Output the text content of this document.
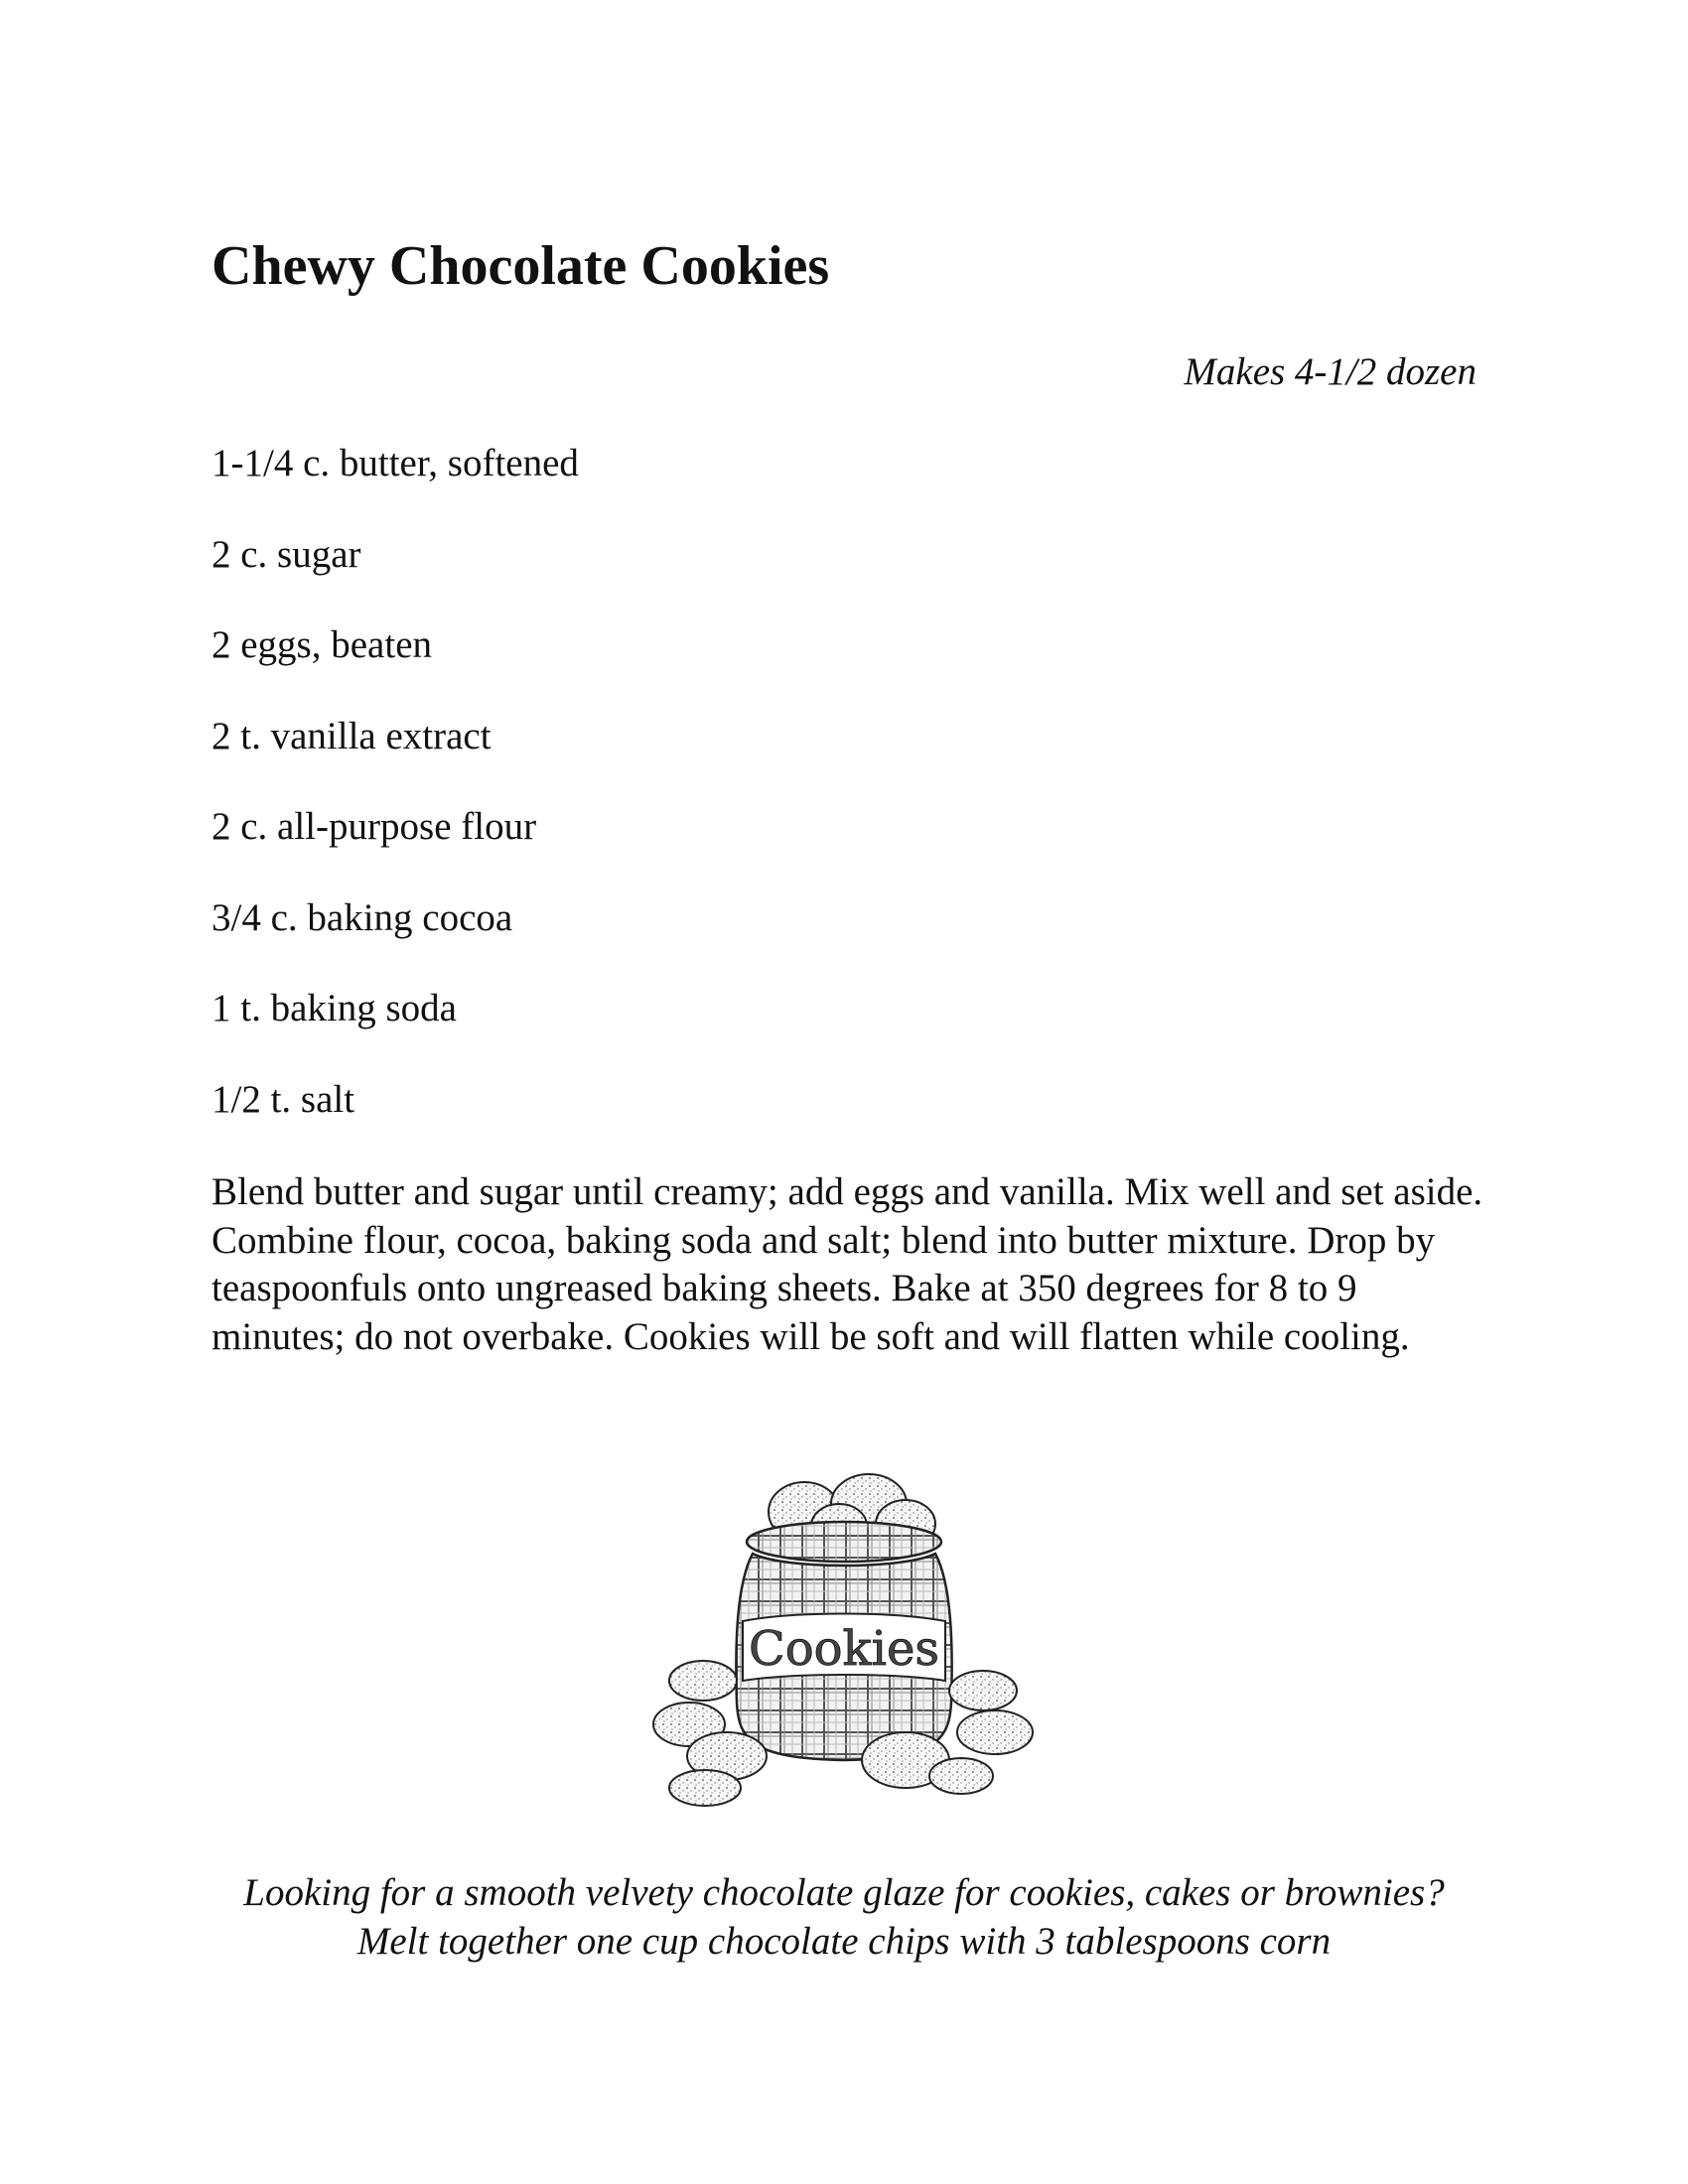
Chewy Chocolate Cookies

Makes 4-1/2 dozen

1-1/4 c. butter, softened
2 c. sugar
2 eggs, beaten
2 t. vanilla extract
2 c. all-purpose flour
3/4 c. baking cocoa
1 t. baking soda
1/2 t. salt

Blend butter and sugar until creamy; add eggs and vanilla. Mix well and set aside. Combine flour, cocoa, baking soda and salt; blend into butter mixture. Drop by teaspoonfuls onto ungreased baking sheets. Bake at 350 degrees for 8 to 9 minutes; do not overbake. Cookies will be soft and will flatten while cooling.

Cookies

Looking for a smooth velvety chocolate glaze for cookies, cakes or brownies? Melt together one cup chocolate chips with 3 tablespoons corn
